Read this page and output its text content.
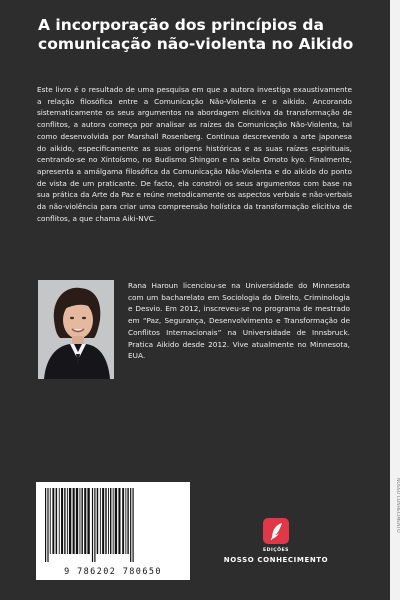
A incorporação dos princípios da comunicação não-violenta no Aikido

Este livro é o resultado de uma pesquisa em que a autora investiga exaustivamente a relação filosófica entre a Comunicação Não-Violenta e o aikido. Ancorando sistematicamente os seus argumentos na abordagem elicitiva da transformação de conflitos, a autora começa por analisar as raízes da Comunicação Não-Violenta, tal como desenvolvida por Marshall Rosenberg. Continua descrevendo a arte japonesa do aikido, especificamente as suas origens históricas e as suas raízes espirituais, centrando-se no Xintoísmo, no Budismo Shingon e na seita Omoto kyo. Finalmente, apresenta a amálgama filosófica da Comunicação Não-Violenta e do aikido do ponto de vista de um praticante. De facto, ela constrói os seus argumentos com base na sua prática da Arte da Paz e reúne metodicamente os aspectos verbais e não-verbais da não-violência para criar uma compreensão holística da transformação elicitiva de conflitos, a que chama Aiki-NVC.

Rana Haroun licenciou-se na Universidade do Minnesota com um bacharelato em Sociologia do Direito, Criminologia e Desvio. Em 2012, inscreveu-se no programa de mestrado em “Paz, Segurança, Desenvolvimento e Transformação de Conflitos Internacionais” na Universidade de Innsbruck. Pratica Aikido desde 2012. Vive atualmente no Minnesota, EUA.

9 786202 780650
EDIÇÕES
NOSSO CONHECIMENTO
NOSSO CONHECIMENTO
